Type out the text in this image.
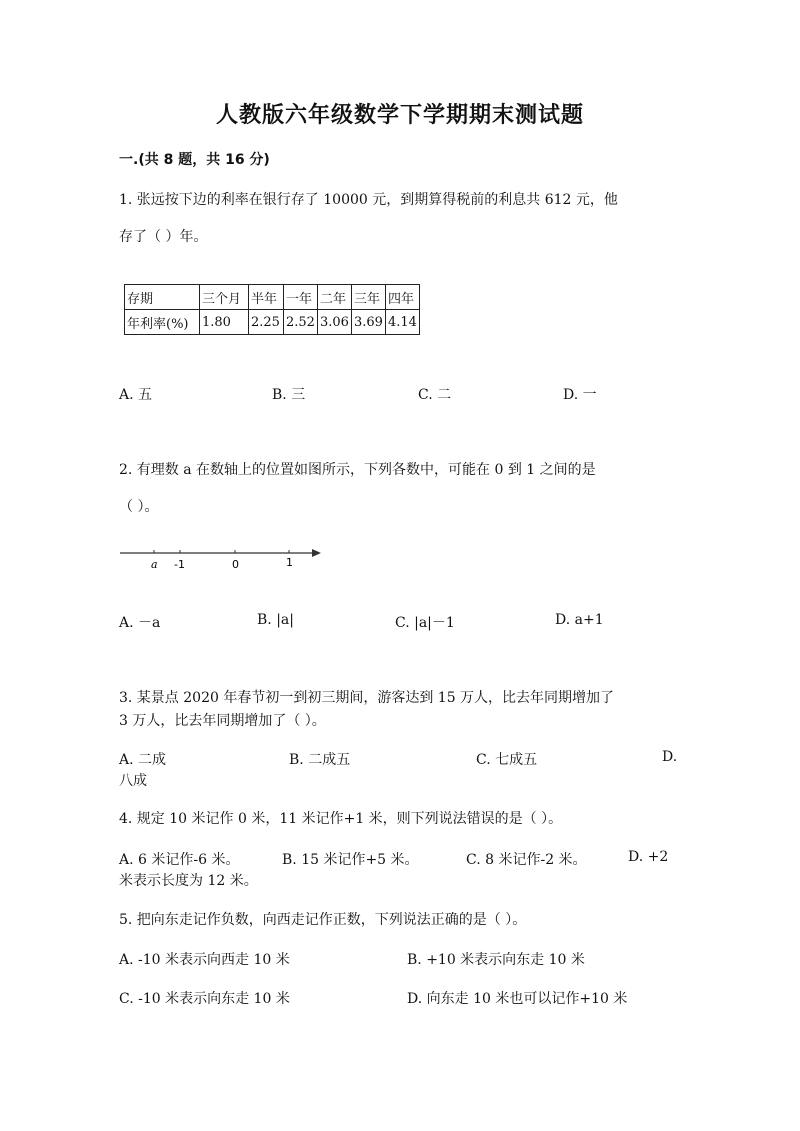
人教版六年级数学下学期期末测试题
一.(共 8 题，共 16 分)
1. 张远按下边的利率在银行存了 10000 元，到期算得税前的利息共 612 元，他
存了（ ）年。
存期	三个月	半年	一年	二年	三年	四年
年利率(%)	1.80	2.25	2.52	3.06	3.69	4.14
A. 五	B. 三	C. 二	D. 一
2. 有理数 a 在数轴上的位置如图所示，下列各数中，可能在 0 到 1 之间的是
（ ）。
a -1	0	1
A. －a	B. |a|	C. |a|－1	D. a+1
3. 某景点 2020 年春节初一到初三期间，游客达到 15 万人，比去年同期增加了
3 万人，比去年同期增加了（ ）。
A. 二成	B. 二成五	C. 七成五	D.
八成
4. 规定 10 米记作 0 米，11 米记作+1 米，则下列说法错误的是（ ）。
A. 6 米记作-6 米。	B. 15 米记作+5 米。	C. 8 米记作-2 米。	D. +2
米表示长度为 12 米。
5. 把向东走记作负数，向西走记作正数，下列说法正确的是（ ）。
A. -10 米表示向西走 10 米	B. +10 米表示向东走 10 米
C. -10 米表示向东走 10 米	D. 向东走 10 米也可以记作+10 米
